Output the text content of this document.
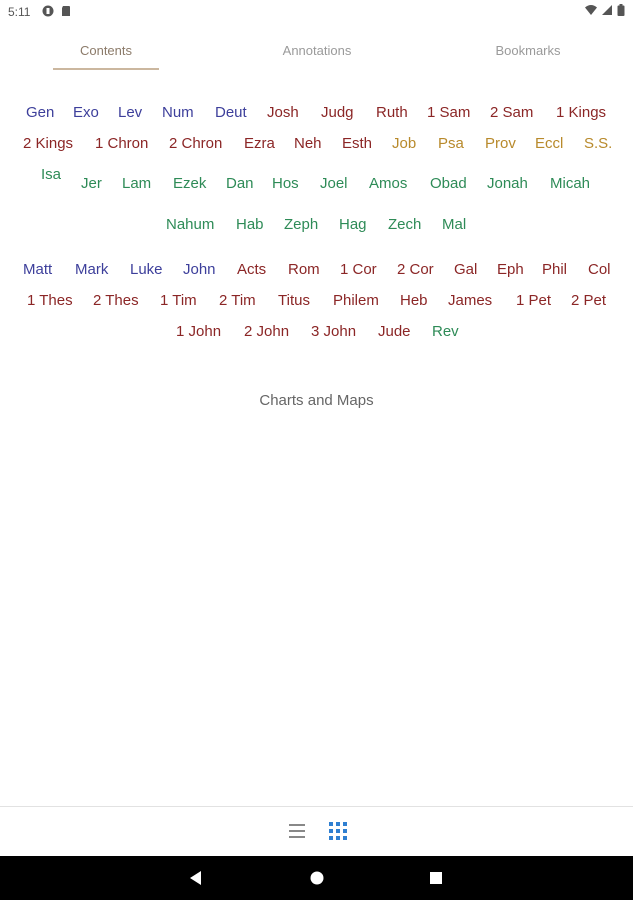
5:11
Contents	Annotations	Bookmarks
Gen Exo Lev Num Deut Josh Judg Ruth 1 Sam 2 Sam 1 Kings
2 Kings 1 Chron 2 Chron Ezra Neh Esth Job Psa Prov Eccl S.S.
Isa
Jer Lam Ezek Dan Hos Joel Amos Obad Jonah Micah
Nahum Hab Zeph Hag Zech Mal
Matt Mark Luke John Acts Rom 1 Cor 2 Cor Gal Eph Phil Col
1 Thes 2 Thes 1 Tim 2 Tim Titus Philem Heb James 1 Pet 2 Pet
1 John 2 John 3 John Jude Rev
Charts and Maps
